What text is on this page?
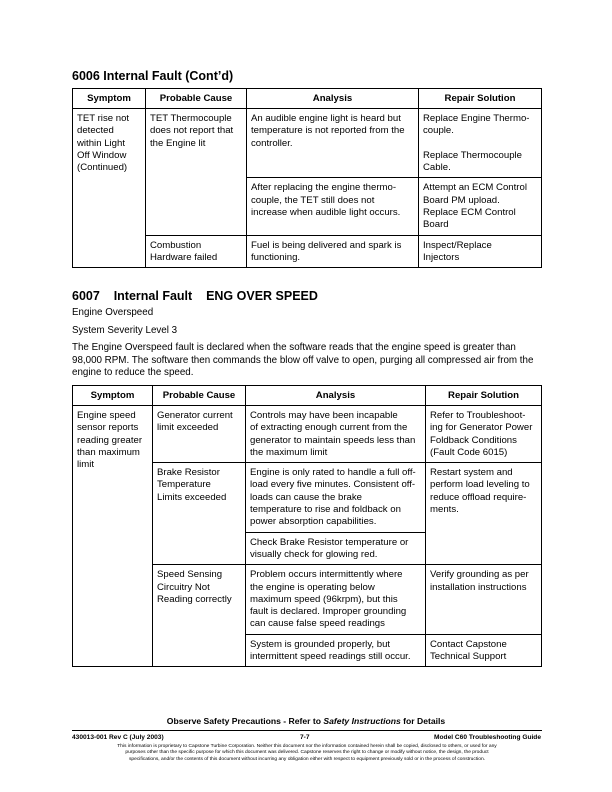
6006 Internal Fault (Cont’d)
Symptom	Probable Cause	Analysis	Repair Solution

TET rise not
detected
within Light
Off Window
(Continued)	TET Thermocouple
does not report that
the Engine lit	An audible engine light is heard but
temperature is not reported from the
controller.	Replace Engine Thermo-
couple.
Replace Thermocouple
Cable.

		After replacing the engine thermo-
couple, the TET still does not
increase when audible light occurs.	Attempt an ECM Control
Board PM upload.
Replace ECM Control
Board

	Combustion
Hardware failed	Fuel is being delivered and spark is
functioning.	Inspect/Replace
Injectors
6007    Internal Fault    ENG OVER SPEED
Engine Overspeed
System Severity Level 3
The Engine Overspeed fault is declared when the software reads that the engine speed is greater than 98,000 RPM. The software then commands the blow off valve to open, purging all compressed air from the engine to reduce the speed.
Symptom	Probable Cause	Analysis	Repair Solution

Engine speed
sensor reports
reading greater
than maximum
limit	Generator current
limit exceeded	Controls may have been incapable
of extracting enough current from the
generator to maintain speeds less than
the maximum limit	Refer to Troubleshoot-
ing for Generator Power
Foldback Conditions
(Fault Code 6015)

	Brake Resistor
Temperature
Limits exceeded	Engine is only rated to handle a full off-
load every five minutes. Consistent off-
loads can cause the brake
temperature to rise and foldback on
power absorption capabilities.	Restart system and
perform load leveling to
reduce offload require-
ments.

		Check Brake Resistor temperature or
visually check for glowing red.	

	Speed Sensing
Circuitry Not
Reading correctly	Problem occurs intermittently where
the engine is operating below
maximum speed (96krpm), but this
fault is declared. Improper grounding
can cause false speed readings	Verify grounding as per
installation instructions

		System is grounded properly, but
intermittent speed readings still occur.	Contact Capstone
Technical Support
Observe Safety Precautions - Refer to Safety Instructions for Details
430013-001 Rev C (July 2003)	7-7	Model C60 Troubleshooting Guide
This information is proprietary to Capstone Turbine Corporation. Neither this document nor the information contained herein shall be copied, disclosed to others, or used for any
purposes other than the specific purpose for which this document was delivered. Capstone reserves the right to change or modify without notice, the design, the product
specifications, and/or the contents of this document without incurring any obligation either with respect to equipment previously sold or in the process of construction.
